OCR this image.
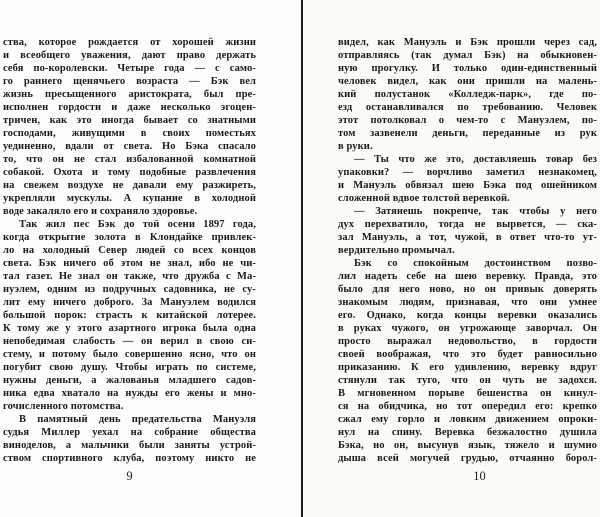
ства, которое рождается от хорошей жизни
и всеобщего уважения, дают право держать
себя по-королевски. Четыре года — с само-
го раннего щенячьего возраста — Бэк вел
жизнь пресыщенного аристократа, был пре-
исполнен гордости и даже несколько эгоцен-
тричен, как это иногда бывает со знатными
господами, живущими в своих поместьях
уединенно, вдали от света. Но Бэка спасало
то, что он не стал избалованной комнатной
собакой. Охота и тому подобные развлечения
на свежем воздухе не давали ему разжиреть,
укрепляли мускулы. А купание в холодной
воде закаляло его и сохраняло здоровье.
Так жил пес Бэк до той осени 1897 года,
когда открытие золота в Клондайке привлек-
ло на холодный Север людей со всех концов
света. Бэк ничего об этом не знал, ибо не чи-
тал газет. Не знал он также, что дружба с Ма-
нуэлем, одним из подручных садовника, не су-
лит ему ничего доброго. За Мануэлем водился
большой порок: страсть к китайской лотерее.
К тому же у этого азартного игрока была одна
непобедимая слабость — он верил в свою си-
стему, и потому было совершенно ясно, что он
погубит свою душу. Чтобы играть по системе,
нужны деньги, а жалованья младшего садов-
ника едва хватало на нужды его жены и мно-
гочисленного потомства.
В памятный день предательства Мануэля
судья Миллер уехал на собрание общества
виноделов, а мальчики были заняты устрой-
ством спортивного клуба, поэтому никто не
9
видел, как Мануэль и Бэк прошли через сад,
отправляясь (так думал Бэк) на обыкновен-
ную прогулку. И только один-единственный
человек видел, как они пришли на малень-
кий полустанок «Колледж-парк», где по-
езд останавливался по требованию. Человек
этот потолковал о чем-то с Мануэлем, по-
том зазвенели деньги, переданные из рук
в руки.
— Ты что же это, доставляешь товар без
упаковки? — ворчливо заметил незнакомец,
и Мануэль обвязал шею Бэка под ошейником
сложенной вдвое толстой веревкой.
— Затянешь покрепче, так чтобы у него
дух перехватило, тогда не вырвется, — ска-
зал Мануэль, а тот, чужой, в ответ что-то ут-
вердительно промычал.
Бэк со спокойным достоинством позво-
лил надеть себе на шею веревку. Правда, это
было для него ново, но он привык доверять
знакомым людям, признавая, что они умнее
его. Однако, когда концы веревки оказались
в руках чужого, он угрожающе заворчал. Он
просто выражал недовольство, в гордости
своей воображая, что это будет равносильно
приказанию. К его удивлению, веревку вдруг
стянули так туго, что он чуть не задохся.
В мгновенном порыве бешенства он кинул-
ся на обидчика, но тот опередил его: крепко
сжал ему горло и ловким движением опроки-
нул на спину. Веревка безжалостно душила
Бэка, но он, высунув язык, тяжело и шумно
дыша всей могучей грудью, отчаянно борол-
10
